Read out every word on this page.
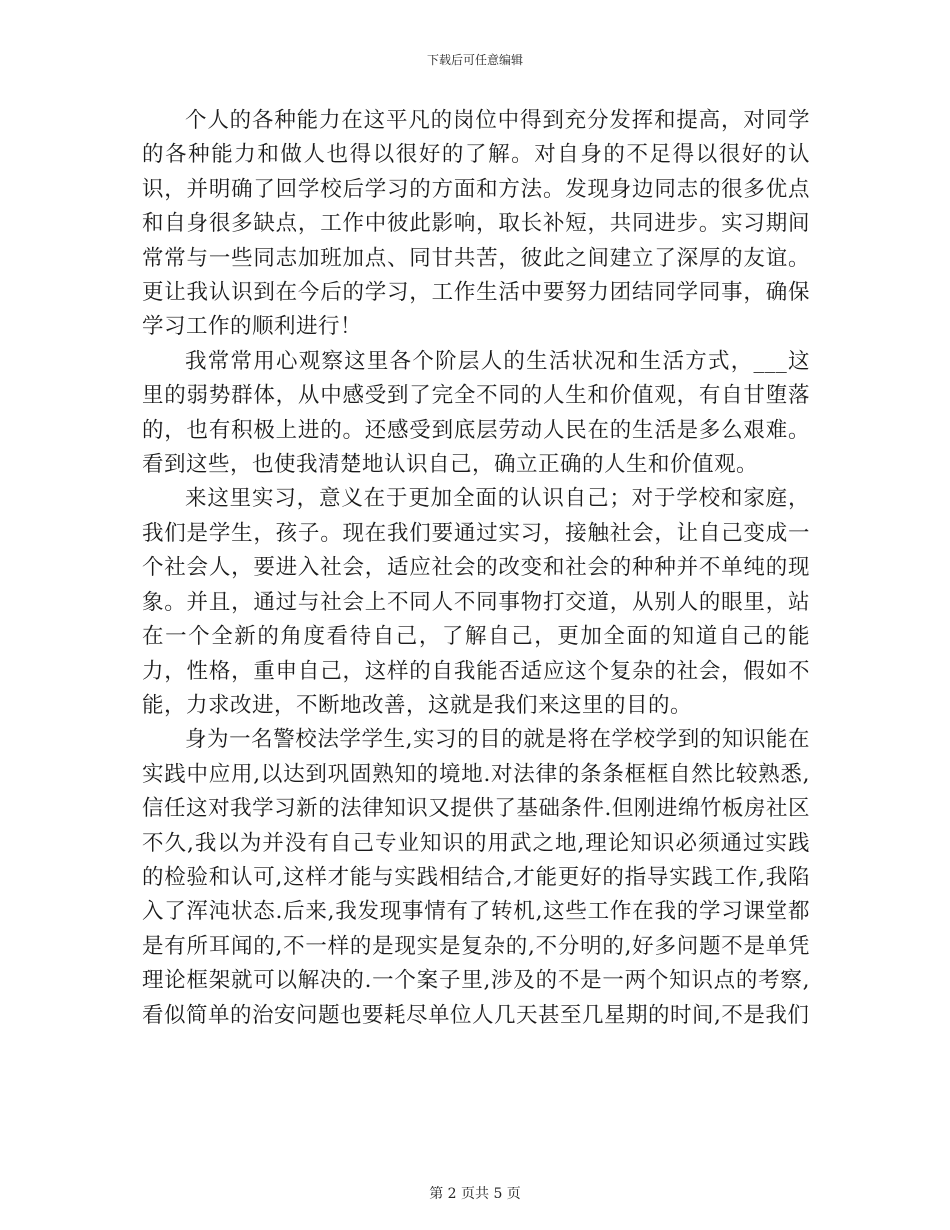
下载后可任意编辑

个人的各种能力在这平凡的岗位中得到充分发挥和提高，对同学的各种能力和做人也得以很好的了解。对自身的不足得以很好的认识，并明确了回学校后学习的方面和方法。发现身边同志的很多优点和自身很多缺点，工作中彼此影响，取长补短，共同进步。实习期间常常与一些同志加班加点、同甘共苦，彼此之间建立了深厚的友谊。更让我认识到在今后的学习，工作生活中要努力团结同学同事，确保学习工作的顺利进行！

我常常用心观察这里各个阶层人的生活状况和生活方式，___这里的弱势群体，从中感受到了完全不同的人生和价值观，有自甘堕落的，也有积极上进的。还感受到底层劳动人民在的生活是多么艰难。看到这些，也使我清楚地认识自己，确立正确的人生和价值观。

来这里实习，意义在于更加全面的认识自己；对于学校和家庭，我们是学生，孩子。现在我们要通过实习，接触社会，让自己变成一个社会人，要进入社会，适应社会的改变和社会的种种并不单纯的现象。并且，通过与社会上不同人不同事物打交道，从别人的眼里，站在一个全新的角度看待自己，了解自己，更加全面的知道自己的能力，性格，重申自己，这样的自我能否适应这个复杂的社会，假如不能，力求改进，不断地改善，这就是我们来这里的目的。

身为一名警校法学学生,实习的目的就是将在学校学到的知识能在实践中应用,以达到巩固熟知的境地.对法律的条条框框自然比较熟悉,信任这对我学习新的法律知识又提供了基础条件.但刚进绵竹板房社区不久,我以为并没有自己专业知识的用武之地,理论知识必须通过实践的检验和认可,这样才能与实践相结合,才能更好的指导实践工作,我陷入了浑沌状态.后来,我发现事情有了转机,这些工作在我的学习课堂都是有所耳闻的,不一样的是现实是复杂的,不分明的,好多问题不是单凭理论框架就可以解决的.一个案子里,涉及的不是一两个知识点的考察,看似简单的治安问题也要耗尽单位人几天甚至几星期的时间,不是我们

第 2 页共 5 页
